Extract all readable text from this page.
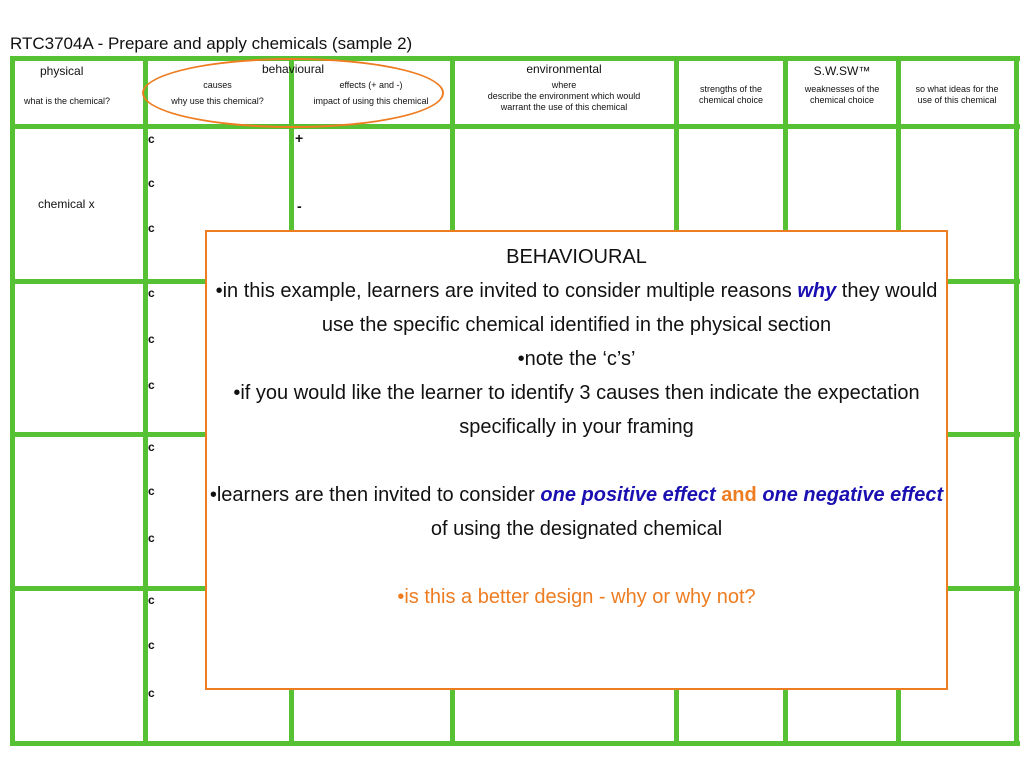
RTC3704A - Prepare and apply chemicals (sample 2)
physical
what is the chemical?
behavioural
causes
why use this chemical?
effects (+ and -)
impact of using this chemical
environmental
where
describe the environment which would
warrant the use of this chemical
S.W.SW™
strengths of the
chemical choice
weaknesses of the
chemical choice
so what ideas for the
use of this chemical
chemical x
c
c
c
+
-
c
c
c
c
c
c
c
c
c

BEHAVIOURAL

•in this example, learners are invited to consider multiple reasons why they would use the specific chemical identified in the physical section

•note the ‘c’s’

•if you would like the learner to identify 3 causes then indicate the expectation specifically in your framing

•learners are then invited to consider one positive effect and one negative effect of using the designated chemical

•is this a better design - why or why not?
